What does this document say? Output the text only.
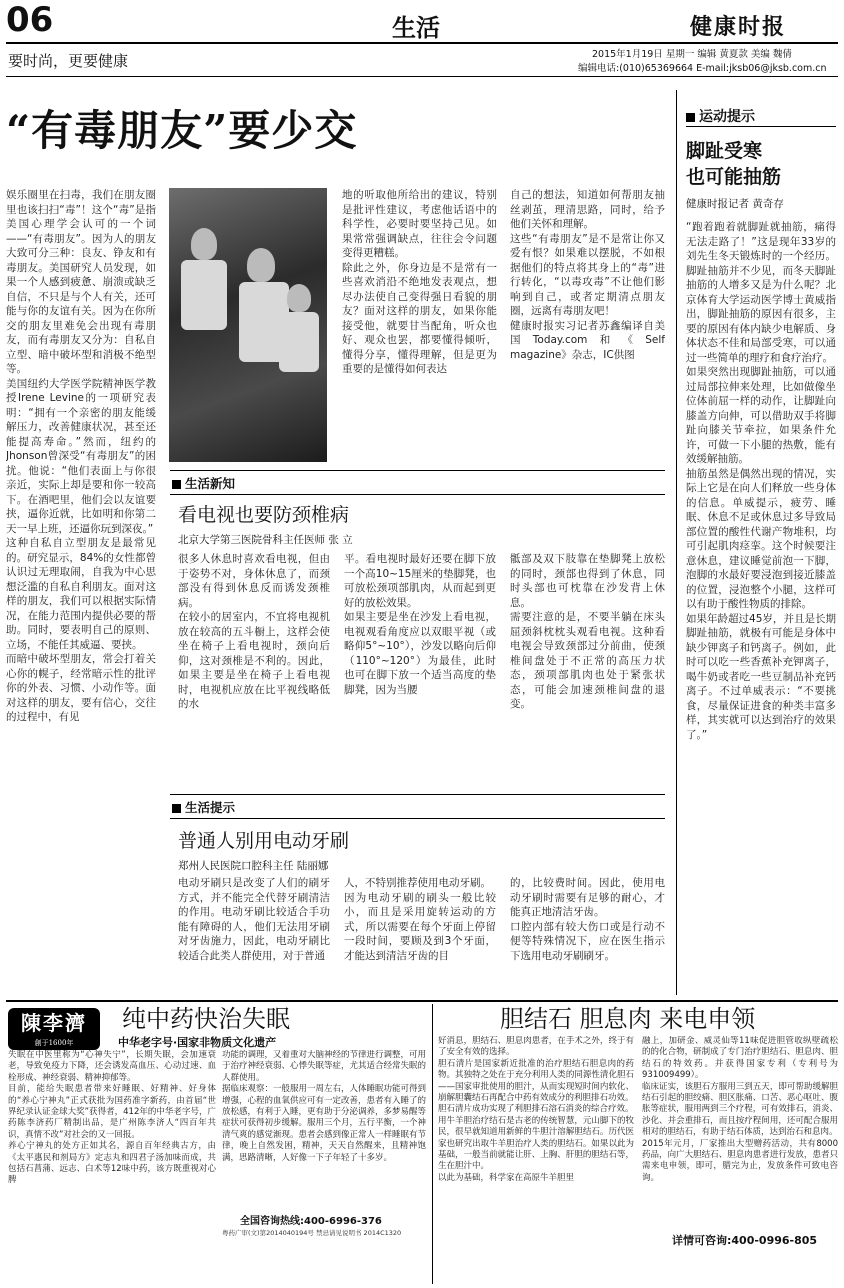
06	生活	健康时报
要时尚，更要健康	2015年1月19日 星期一 编辑 黄夏款 美编 魏倩
编辑电话:(010)65369664 E-mail:jksb06@jksb.com.cn
“有毒朋友”要少交
娱乐圈里在扫毒，我们在朋友圈里也该扫扫“毒”！这个“毒”是指美国心理学会认可的一个词——“有毒朋友”。因为人的朋友大致可分三种：良友、铮友和有毒朋友。美国研究人员发现，如果一个人感到疲惫、崩溃或缺乏自信，不只是与个人有关，还可能与你的友谊有关。因为在你所交的朋友里难免会出现有毒朋友，而有毒朋友又分为：自私自立型、暗中破坏型和消极不绝型等。
美国纽约大学医学院精神医学教授Irene Levine的一项研究表明：“拥有一个亲密的朋友能缓解压力，改善健康状况，甚至还能提高寿命。”然而，纽约的Jhonson曾深受“有毒朋友”的困扰。他说：“他们表面上与你很亲近，实际上却是要和你一较高下。在酒吧里，他们会以友谊要挟，逼你近就，比如明和你第二天一早上班，还逼你玩到深夜。”
这种自私自立型朋友是最常见的。研究显示，84%的女性都曾认识过无理取闹，自我为中心思想泛滥的自私自利朋友。面对这样的朋友，我们可以根据实际情况，在能力范围内提供必要的帮助。同时，要表明自己的原则、立场，不能任其威逼、要挟。
而暗中破坏型朋友，常会打着关心你的幌子，经常暗示性的批评你的外表、习惯、小动作等。面对这样的朋友，要有信心，交往的过程中，有见
地的听取他所给出的建议，特别是批评性建议，考虑他话语中的科学性，必要时要坚持己见。如果常常强调缺点，往往会令问题变得更糟糕。
除此之外，你身边是不是常有一些喜欢消沿不绝地发表观点，想尽办法使自己变得强日看貌的朋友？面对这样的朋友，如果你能接受他，就要甘当配角，听众也好、观众也罢，都要懂得倾听，懂得分享，懂得理解，但是更为重要的是懂得如何表达
自己的想法，知道如何帮朋友抽丝剥茧，理清思路，同时，给予他们关怀和理解。
这些“有毒朋友”是不是常让你又爱有恨？如果难以摆脱，不如根据他们的特点将其身上的“毒”进行转化，“以毒攻毒”不让他们影响到自己，或者定期清点朋友圈，远离有毒朋友吧！
健康时报实习记者苏鑫编译自美国Today.com和《Self magazine》杂志，IC供图
运动提示
脚趾受寒
也可能抽筋
健康时报记者 黄奇存
“跑着跑着就脚趾就抽筋，痛得无法走路了！”这是现年33岁的刘先生冬天锻炼时的一个经历。脚趾抽筋并不少见，而冬天脚趾抽筋的人增多又是为什么呢？北京体育大学运动医学博士黄威指出，脚趾抽筋的原因有很多，主要的原因有体内缺少电解质、身体状态不佳和局部受寒，可以通过一些简单的理疗和食疗治疗。
如果突然出现脚趾抽筋，可以通过局部拉伸来处理，比如做像坐位体前屈一样的动作，让脚趾向膝盖方向伸，可以借助双手将脚趾向膝关节牵拉，如果条件允许，可做一下小腿的热敷，能有效缓解抽筋。
抽筋虽然是偶然出现的情况，实际上它是在向人们释放一些身体的信息。单威提示，疲劳、睡眠、休息不足或休息过多导致局部位置的酸性代谢产物堆积，均可引起肌肉痉挛。这个时候要注意休息，建议睡觉前泡一下脚，泡脚的水最好要浸泡到接近膝盖的位置，浸泡整个小腿，这样可以有助于酸性物质的排除。
如果年龄超过45岁，并且是长期脚趾抽筋，就极有可能是身体中缺少钾离子和钙离子。例如，此时可以吃一些香蕉补充钾离子，喝牛奶或者吃一些豆制品补充钙离子。不过单威表示：“不要挑食，尽量保证进食的种类丰富多样，其实就可以达到治疗的效果了。”
生活新知
看电视也要防颈椎病
北京大学第三医院骨科主任医师 张 立
很多人休息时喜欢看电视，但由于姿势不对，身体休息了，而颈部没有得到休息反而诱发颈椎病。
在较小的居室内，不宜将电视机放在较高的五斗橱上，这样会使坐在椅子上看电视时，颈向后仰，这对颈椎是不利的。因此，如果主要是坐在椅子上看电视时，电视机应放在比平视线略低的水
平。看电视时最好还要在脚下放一个高10~15厘米的垫脚凳，也可放松颈项部肌肉，从而起到更好的放松效果。
如果主要是坐在沙发上看电视，电视观看角度应以双眼平视（或略仰5°~10°），沙发以略向后仰（110°~120°）为最佳，此时也可在脚下放一个适当高度的垫脚凳，因为当腰
骶部及双下肢靠在垫脚凳上放松的同时，颈部也得到了休息，同时头部也可枕靠在沙发背上休息。
需要注意的是，不要半躺在床头屈颈斜枕枕头观看电视。这种看电视会导致颈部过分前曲，使颈椎间盘处于不正常的高压力状态，颈项部肌肉也处于紧张状态，可能会加速颈椎间盘的退变。
生活提示
普通人别用电动牙刷
郑州人民医院口腔科主任 陆丽娜
电动牙刷只是改变了人们的刷牙方式，并不能完全代替牙刷清洁的作用。电动牙刷比较适合手功能有障碍的人，他们无法用牙刷对牙齿施力，因此，电动牙刷比较适合此类人群使用，对于普通
人，不特别推荐使用电动牙刷。
因为电动牙刷的刷头一般比较小，而且是采用旋转运动的方式，所以需要在每个牙面上停留一段时间，要顾及到3个牙面，才能达到清洁牙齿的目
的，比较费时间。因此，使用电动牙刷时需要有足够的耐心，才能真正地清洁牙齿。
口腔内部有较大伤口或是行动不便等特殊情况下，应在医生指示下选用电动牙刷刷牙。
陳李濟
創于1600年
纯中药快治失眠
中华老字号·国家非物质文化遗产
失眠在中医里称为“心神失宁”，长期失眠，会加速衰老，导致免疫力下降，还会诱发高血压、心动过速、血栓形成、神经衰弱、精神抑郁等。
目前，能给失眠患者带来好睡眠、好精神、好身体的“养心宁神丸”正式获批为国药准字新药，由首届“世界纪录认证金球大奖”获得者，412年的中华老字号，广药陈李济药厂精制出品，是广州陈李济人“四百年共识，真情不改”对社会的又一回报。
养心宁神丸的处方正如其名，源自百年经典古方，由《太平惠民和剂局方》定志丸和四君子汤加味而成，共包括石菖蒲、远志、白术等12味中药，该方既重视对心脾
功能的调理，又着重对大脑神经的节律进行调整，可用于治疗神经衰弱、心悸失眠等症，尤其适合经常失眠的人群使用。
据临床观察：一般服用一周左右，人体睡眠功能可得到增强，心程的血氧供应可有一定改善，患者有入睡了的放松感，有利于入睡，更有助于分泌调养，多梦易醒等症状可获得初步缓解。服用三个月，五行平衡，一个神清气爽的感觉渐现。患者会感到像正常人一样睡眠有节律，晚上自然发困，精神，天天自然醒来，且精神饱满，思路清晰，人好像一下子年轻了十多岁。
全国咨询热线:400-6996-376
粤药广审(文)第2014040194号 禁忌请见说明书 2014C1320
胆结石 胆息肉 来电申领
好消息，胆结石、胆息肉患者，在手术之外，终于有了安全有效的选择。
胆石清片是国家新近批准的治疗胆结石胆息肉的药物。其独特之处在于充分利用人类的同源性清化胆石——国家审批使用的胆汁，从而实现短时间内软化、崩解胆囊结石再配合中药有效成分的利胆排石功效。
胆石清片成功实现了利胆排石溶石消炎的综合疗效。
用牛羊胆治疗结石是古老的传统智慧，元山脚下的牧民，很早就知道用新鲜的牛胆汁溶解胆结石。历代医家也研究出取牛羊胆治疗人类的胆结石。如果以此为基础，一般当前就能让肝、上胸、肝胆的胆结石等，生在胆汁中。
以此为基础，科学家在高原牛羊胆里
融上，加研金、威灵仙等11味促进胆管收纵壁疏松的的化合物，研制成了专门治疗胆结石、胆息肉、胆结石的特效药。并获得国家专利（专利号为931009499）。
临床证实，该胆石方服用三到五天，即可帮助缓解胆结石引起的胆绞痛、胆区胀痛、口苦、恶心呕吐、腹胀等症状，服用两到三个疗程，可有效排石，消炎、沙化、并会重排石，而且按疗程间用，还可配合服用相对的胆结石，有助于结石体质，达到治石和息肉。
2015年元月，厂家推出大型赠药活动，共有8000药品，向广大胆结石、胆息肉患者进行发放，患者只需来电申领，即可，腊完为止，发放条件可致电咨询。
详情可咨询:400-0996-805
